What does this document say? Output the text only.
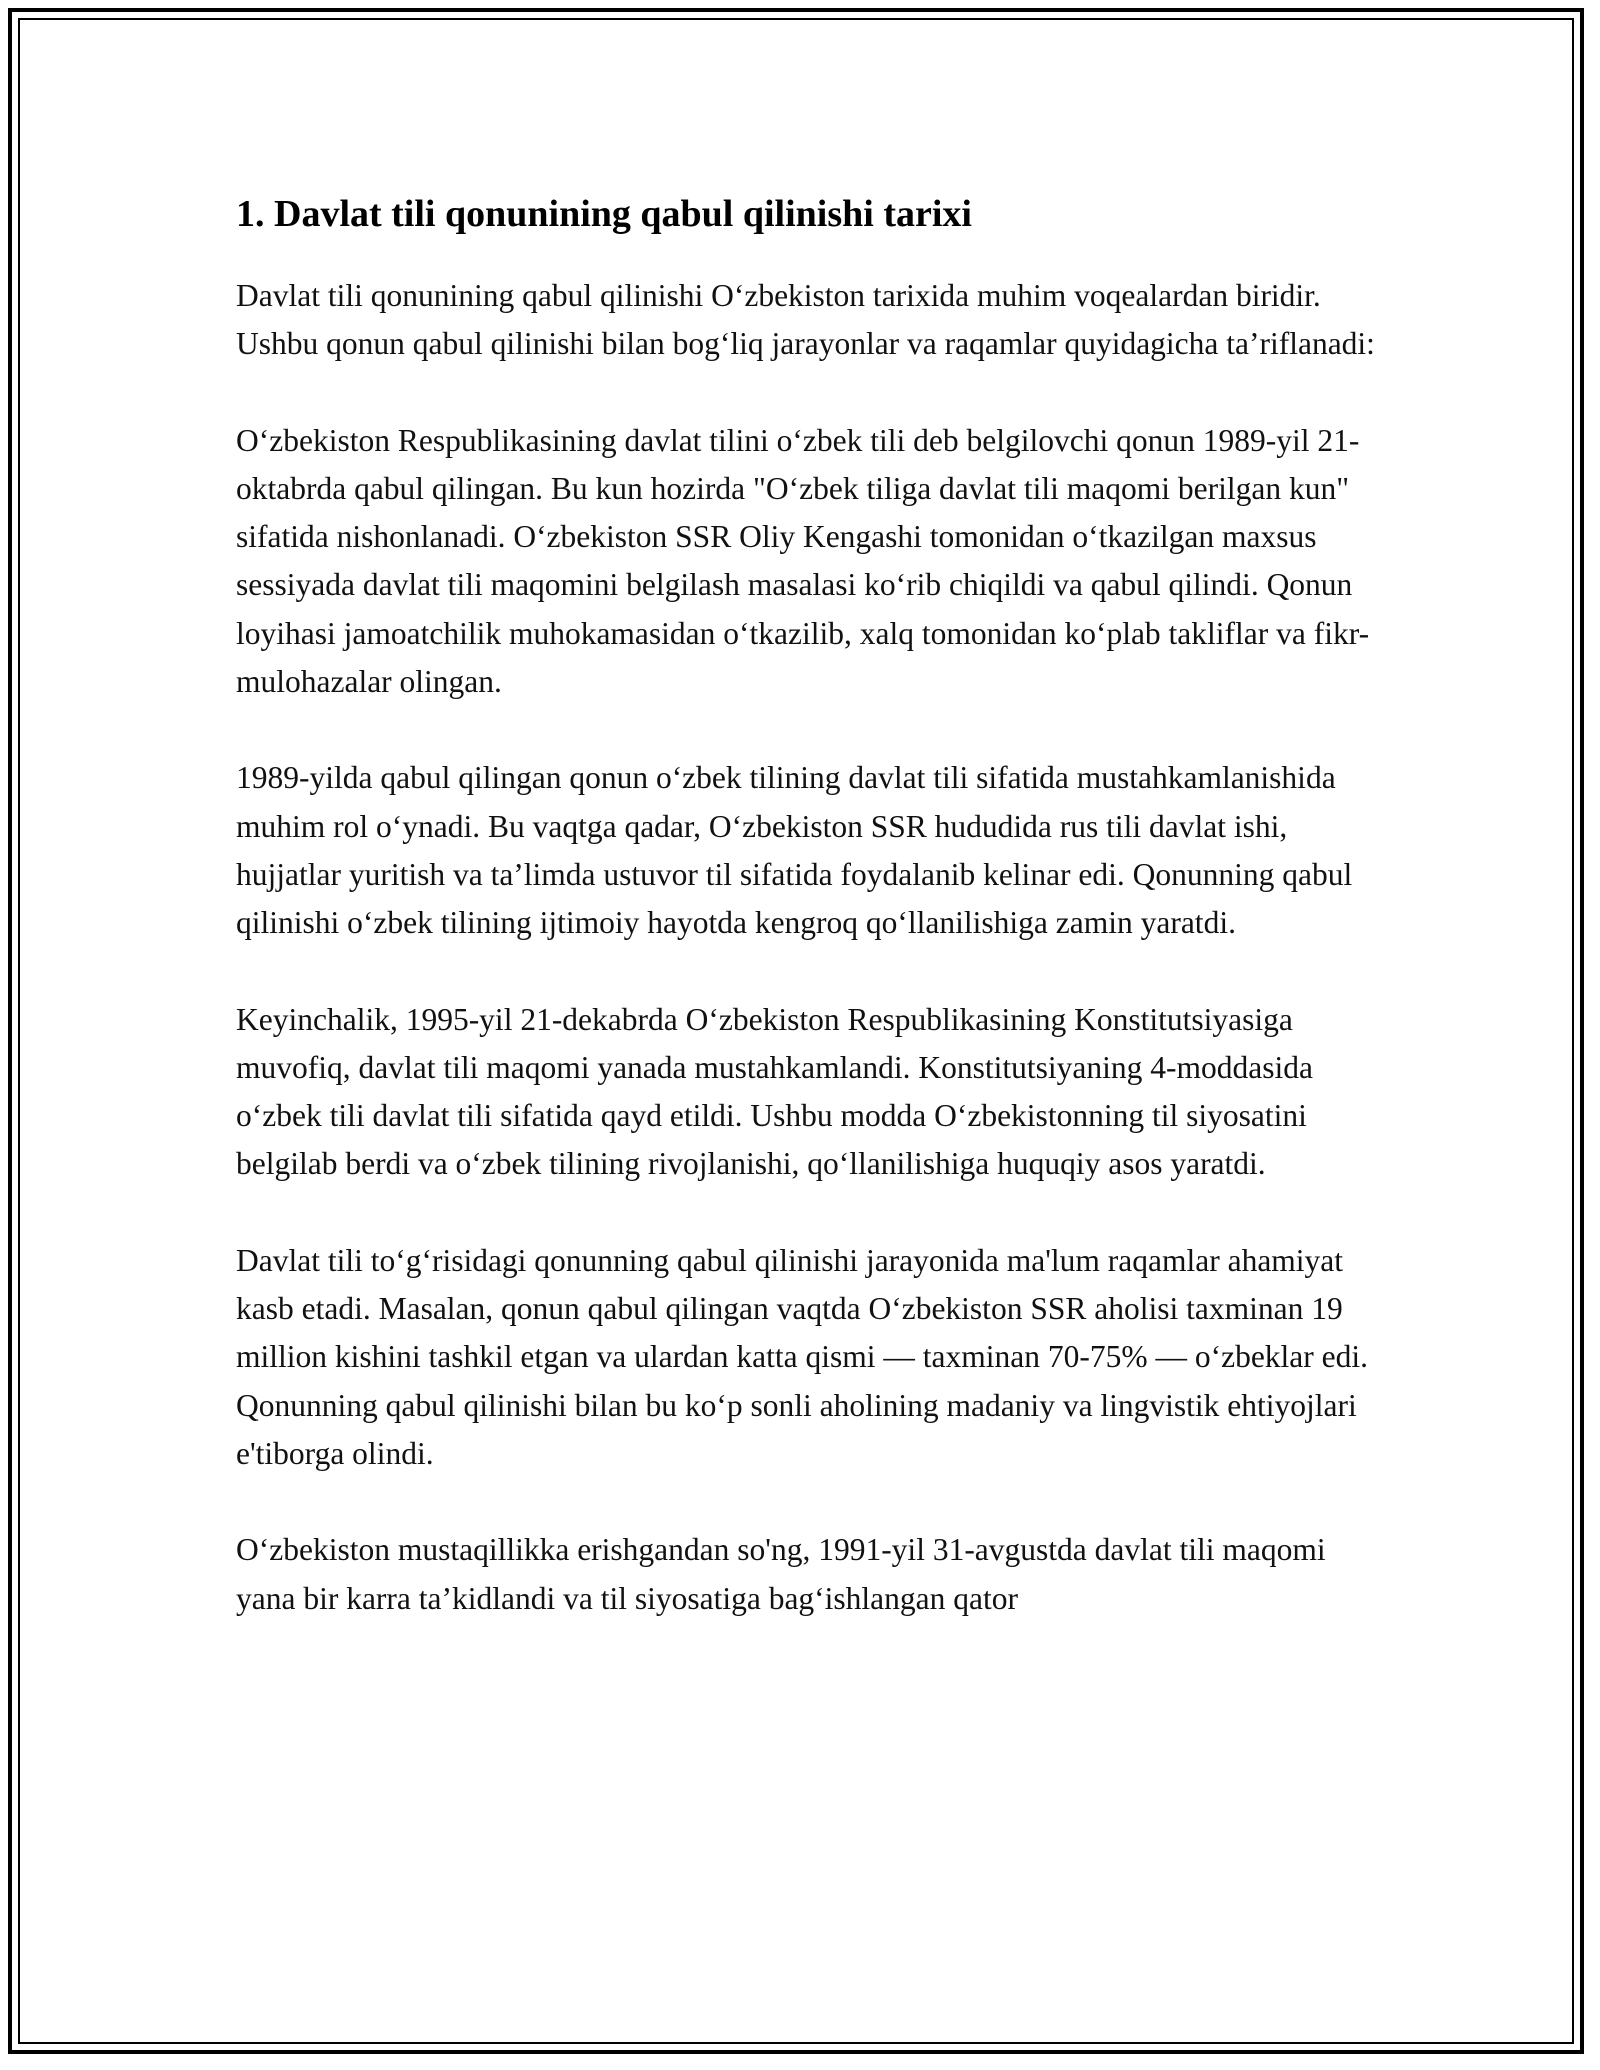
1. Davlat tili qonunining qabul qilinishi tarixi

Davlat tili qonunining qabul qilinishi O‘zbekiston tarixida muhim voqealardan biridir. Ushbu qonun qabul qilinishi bilan bog‘liq jarayonlar va raqamlar quyidagicha ta’riflanadi:

O‘zbekiston Respublikasining davlat tilini o‘zbek tili deb belgilovchi qonun 1989-yil 21-oktabrda qabul qilingan. Bu kun hozirda "O‘zbek tiliga davlat tili maqomi berilgan kun" sifatida nishonlanadi. O‘zbekiston SSR Oliy Kengashi tomonidan o‘tkazilgan maxsus sessiyada davlat tili maqomini belgilash masalasi ko‘rib chiqildi va qabul qilindi. Qonun loyihasi jamoatchilik muhokamasidan o‘tkazilib, xalq tomonidan ko‘plab takliflar va fikr-mulohazalar olingan.

1989-yilda qabul qilingan qonun o‘zbek tilining davlat tili sifatida mustahkamlanishida muhim rol o‘ynadi. Bu vaqtga qadar, O‘zbekiston SSR hududida rus tili davlat ishi, hujjatlar yuritish va ta’limda ustuvor til sifatida foydalanib kelinar edi. Qonunning qabul qilinishi o‘zbek tilining ijtimoiy hayotda kengroq qo‘llanilishiga zamin yaratdi.

Keyinchalik, 1995-yil 21-dekabrda O‘zbekiston Respublikasining Konstitutsiyasiga muvofiq, davlat tili maqomi yanada mustahkamlandi. Konstitutsiyaning 4-moddasida o‘zbek tili davlat tili sifatida qayd etildi. Ushbu modda O‘zbekistonning til siyosatini belgilab berdi va o‘zbek tilining rivojlanishi, qo‘llanilishiga huquqiy asos yaratdi.

Davlat tili to‘g‘risidagi qonunning qabul qilinishi jarayonida ma'lum raqamlar ahamiyat kasb etadi. Masalan, qonun qabul qilingan vaqtda O‘zbekiston SSR aholisi taxminan 19 million kishini tashkil etgan va ulardan katta qismi — taxminan 70-75% — o‘zbeklar edi. Qonunning qabul qilinishi bilan bu ko‘p sonli aholining madaniy va lingvistik ehtiyojlari e'tiborga olindi.

O‘zbekiston mustaqillikka erishgandan so'ng, 1991-yil 31-avgustda davlat tili maqomi yana bir karra ta’kidlandi va til siyosatiga bag‘ishlangan qator
